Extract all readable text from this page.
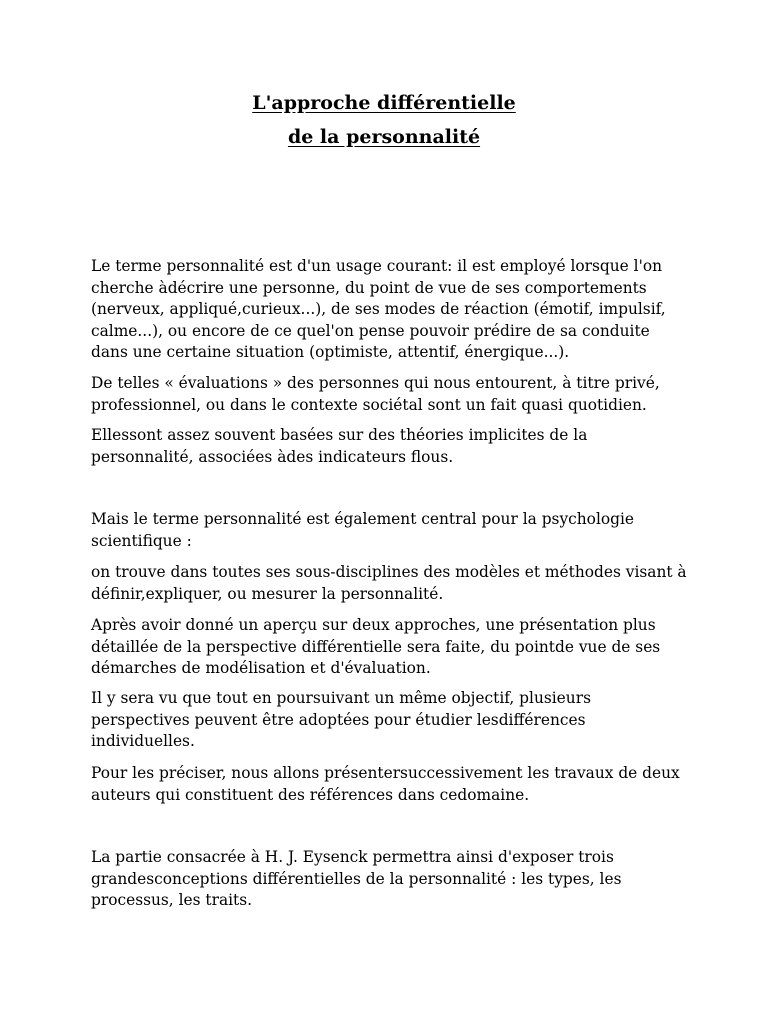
L'approche différentielle
de la personnalité

Le terme personnalité est d'un usage courant: il est employé lorsque l'on cherche àdécrire une personne, du point de vue de ses comportements (nerveux, appliqué,curieux...), de ses modes de réaction (émotif, impulsif, calme...), ou encore de ce quel'on pense pouvoir prédire de sa conduite dans une certaine situation (optimiste, attentif, énergique...).

De telles « évaluations » des personnes qui nous entourent, à titre privé, professionnel, ou dans le contexte sociétal sont un fait quasi quotidien.

Ellessont assez souvent basées sur des théories implicites de la personnalité, associées àdes indicateurs flous.

Mais le terme personnalité est également central pour la psychologie scientifique :

on trouve dans toutes ses sous-disciplines des modèles et méthodes visant à définir,expliquer, ou mesurer la personnalité.

Après avoir donné un aperçu sur deux approches, une présentation plus détaillée de la perspective différentielle sera faite, du pointde vue de ses démarches de modélisation et d'évaluation.

Il y sera vu que tout en poursuivant un même objectif, plusieurs perspectives peuvent être adoptées pour étudier lesdifférences individuelles.

Pour les préciser, nous allons présentersuccessivement les travaux de deux auteurs qui constituent des références dans cedomaine.

La partie consacrée à H. J. Eysenck permettra ainsi d'exposer trois grandesconceptions différentielles de la personnalité : les types, les processus, les traits.
